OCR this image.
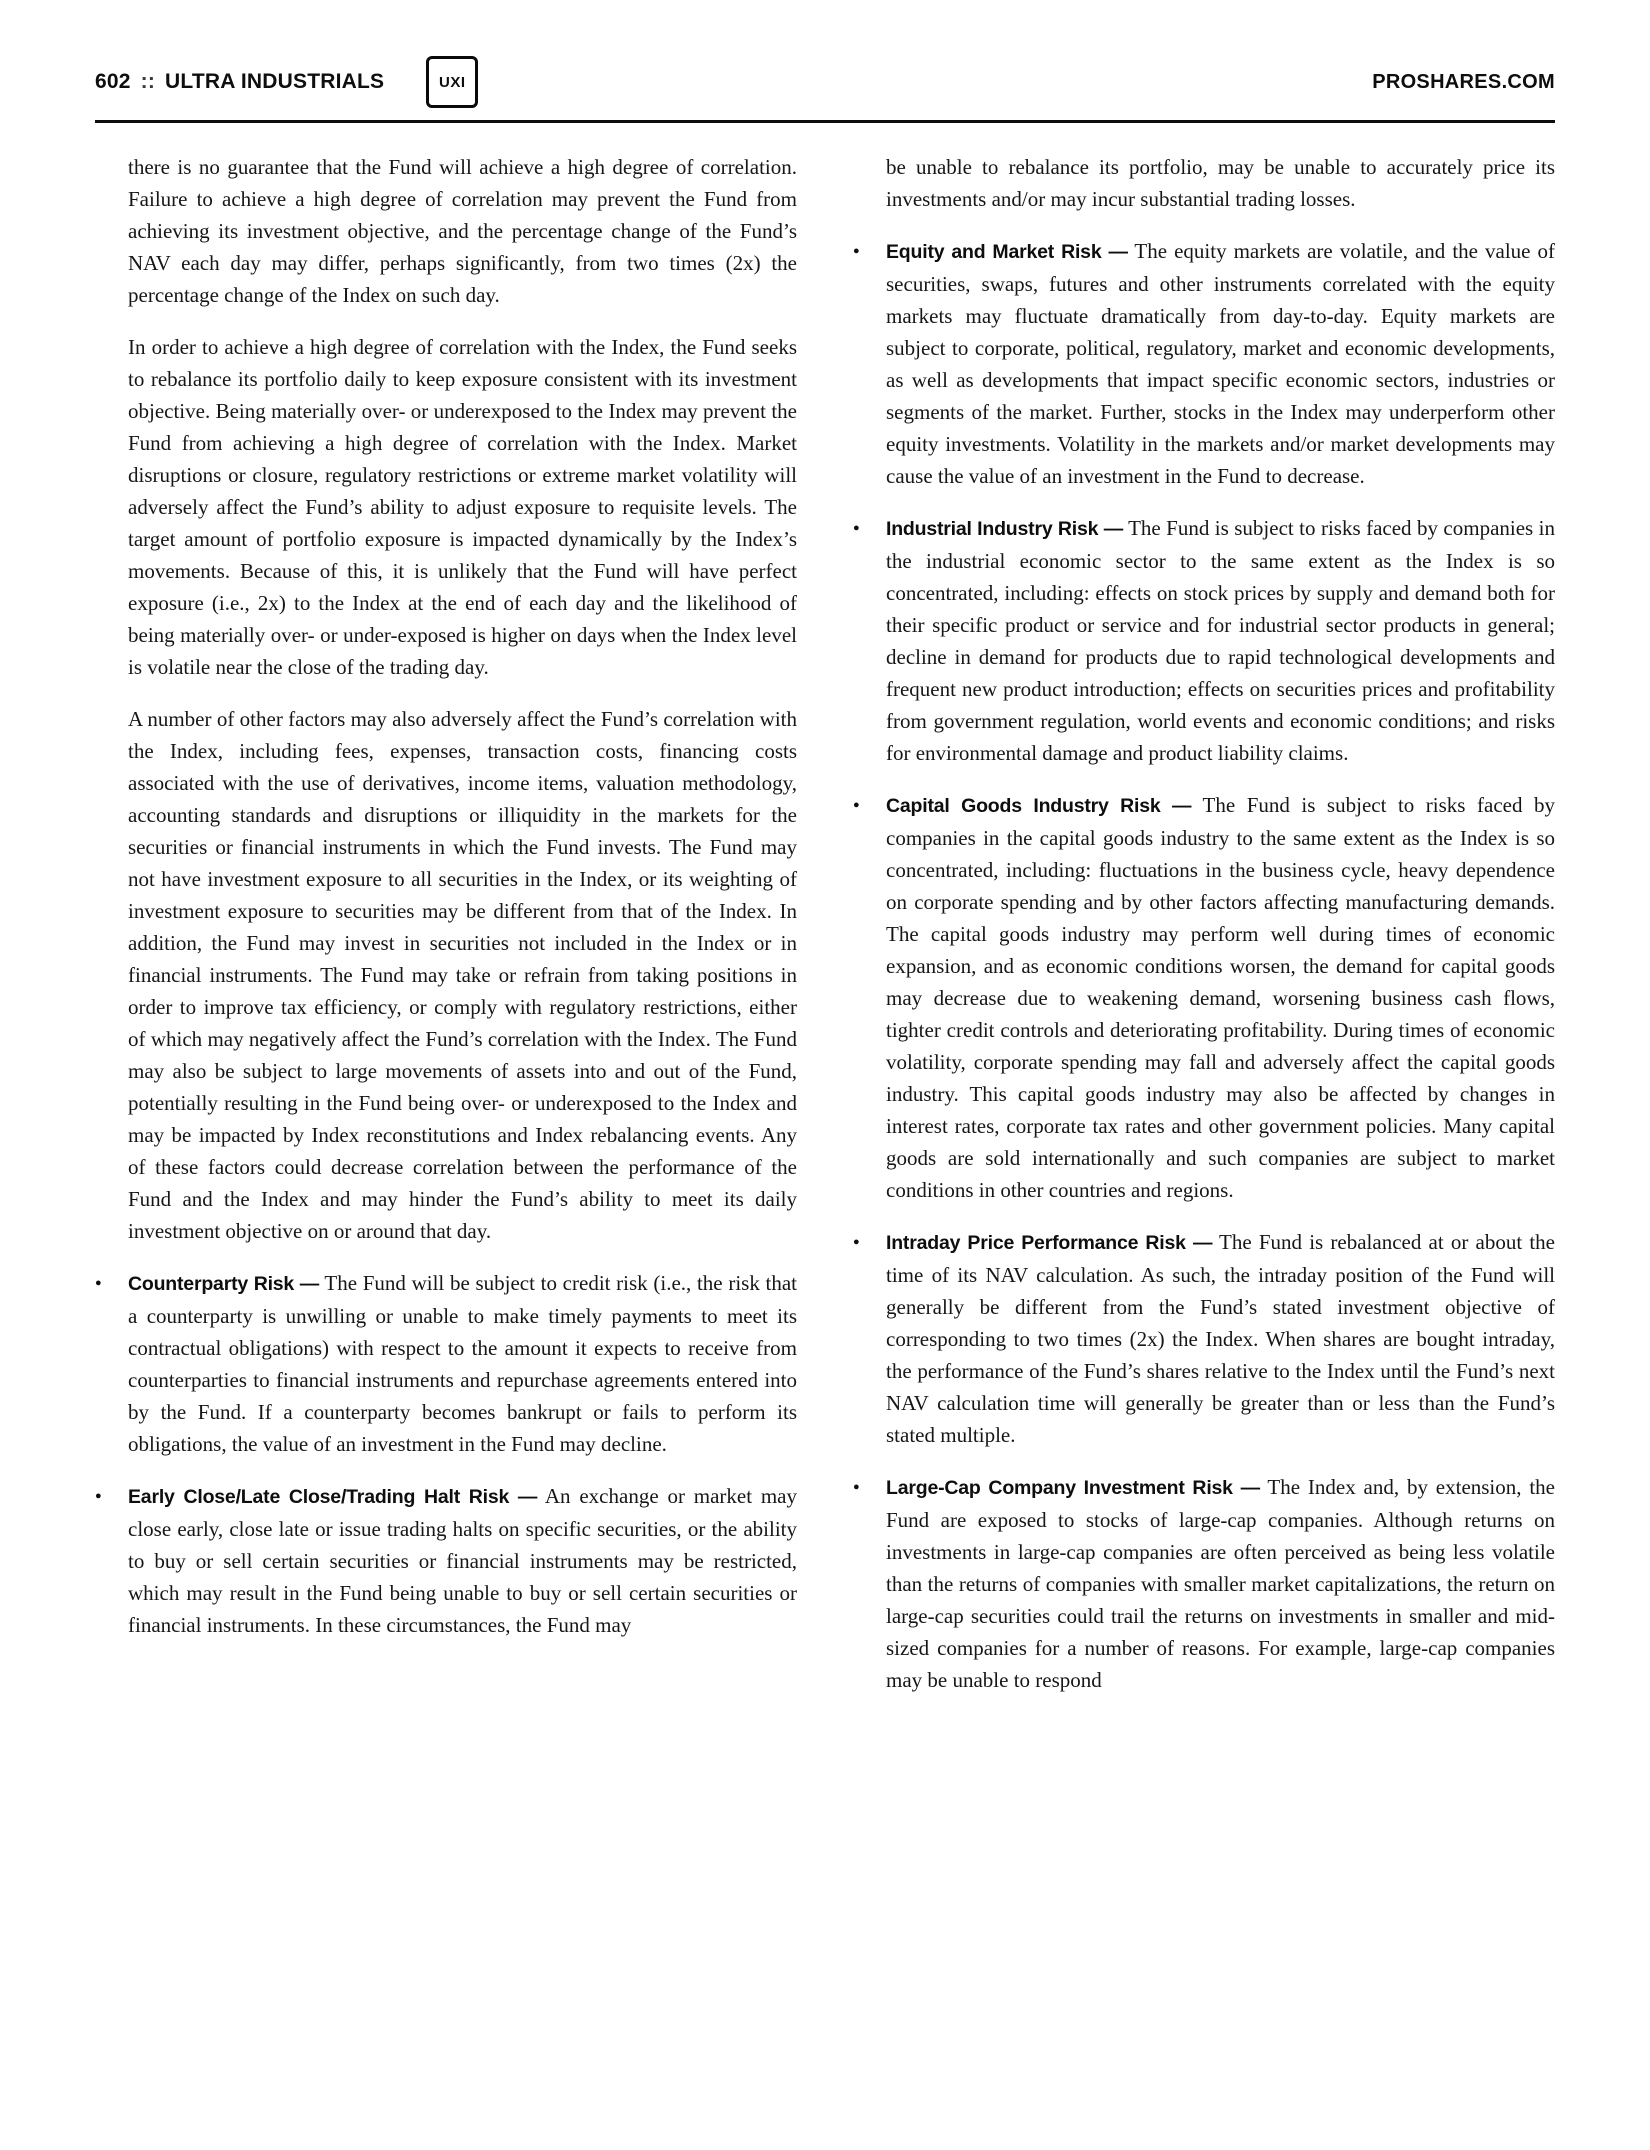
602 :: ULTRA INDUSTRIALS	UXI	PROSHARES.COM

there is no guarantee that the Fund will achieve a high degree of correlation. Failure to achieve a high degree of correlation may prevent the Fund from achieving its investment objective, and the percentage change of the Fund’s NAV each day may differ, perhaps significantly, from two times (2x) the percentage change of the Index on such day.

In order to achieve a high degree of correlation with the Index, the Fund seeks to rebalance its portfolio daily to keep exposure consistent with its investment objective. Being materially over- or underexposed to the Index may prevent the Fund from achieving a high degree of correlation with the Index. Market disruptions or closure, regulatory restrictions or extreme market volatility will adversely affect the Fund’s ability to adjust exposure to requisite levels. The target amount of portfolio exposure is impacted dynamically by the Index’s movements. Because of this, it is unlikely that the Fund will have perfect exposure (i.e., 2x) to the Index at the end of each day and the likelihood of being materially over- or under-exposed is higher on days when the Index level is volatile near the close of the trading day.

A number of other factors may also adversely affect the Fund’s correlation with the Index, including fees, expenses, transaction costs, financing costs associated with the use of derivatives, income items, valuation methodology, accounting standards and disruptions or illiquidity in the markets for the securities or financial instruments in which the Fund invests. The Fund may not have investment exposure to all securities in the Index, or its weighting of investment exposure to securities may be different from that of the Index. In addition, the Fund may invest in securities not included in the Index or in financial instruments. The Fund may take or refrain from taking positions in order to improve tax efficiency, or comply with regulatory restrictions, either of which may negatively affect the Fund’s correlation with the Index. The Fund may also be subject to large movements of assets into and out of the Fund, potentially resulting in the Fund being over- or underexposed to the Index and may be impacted by Index reconstitutions and Index rebalancing events. Any of these factors could decrease correlation between the performance of the Fund and the Index and may hinder the Fund’s ability to meet its daily investment objective on or around that day.

●	Counterparty Risk — The Fund will be subject to credit risk (i.e., the risk that a counterparty is unwilling or unable to make timely payments to meet its contractual obligations) with respect to the amount it expects to receive from counterparties to financial instruments and repurchase agreements entered into by the Fund. If a counterparty becomes bankrupt or fails to perform its obligations, the value of an investment in the Fund may decline.
●	Early Close/Late Close/Trading Halt Risk — An exchange or market may close early, close late or issue trading halts on specific securities, or the ability to buy or sell certain securities or financial instruments may be restricted, which may result in the Fund being unable to buy or sell certain securities or financial instruments. In these circumstances, the Fund may

be unable to rebalance its portfolio, may be unable to accurately price its investments and/or may incur substantial trading losses.

●	Equity and Market Risk — The equity markets are volatile, and the value of securities, swaps, futures and other instruments correlated with the equity markets may fluctuate dramatically from day-to-day. Equity markets are subject to corporate, political, regulatory, market and economic developments, as well as developments that impact specific economic sectors, industries or segments of the market. Further, stocks in the Index may underperform other equity investments. Volatility in the markets and/or market developments may cause the value of an investment in the Fund to decrease.
●	Industrial Industry Risk — The Fund is subject to risks faced by companies in the industrial economic sector to the same extent as the Index is so concentrated, including: effects on stock prices by supply and demand both for their specific product or service and for industrial sector products in general; decline in demand for products due to rapid technological developments and frequent new product introduction; effects on securities prices and profitability from government regulation, world events and economic conditions; and risks for environmental damage and product liability claims.
●	Capital Goods Industry Risk — The Fund is subject to risks faced by companies in the capital goods industry to the same extent as the Index is so concentrated, including: fluctuations in the business cycle, heavy dependence on corporate spending and by other factors affecting manufacturing demands. The capital goods industry may perform well during times of economic expansion, and as economic conditions worsen, the demand for capital goods may decrease due to weakening demand, worsening business cash flows, tighter credit controls and deteriorating profitability. During times of economic volatility, corporate spending may fall and adversely affect the capital goods industry. This capital goods industry may also be affected by changes in interest rates, corporate tax rates and other government policies. Many capital goods are sold internationally and such companies are subject to market conditions in other countries and regions.
●	Intraday Price Performance Risk — The Fund is rebalanced at or about the time of its NAV calculation. As such, the intraday position of the Fund will generally be different from the Fund’s stated investment objective of corresponding to two times (2x) the Index. When shares are bought intraday, the performance of the Fund’s shares relative to the Index until the Fund’s next NAV calculation time will generally be greater than or less than the Fund’s stated multiple.
●	Large-Cap Company Investment Risk — The Index and, by extension, the Fund are exposed to stocks of large-cap companies. Although returns on investments in large-cap companies are often perceived as being less volatile than the returns of companies with smaller market capitalizations, the return on large-cap securities could trail the returns on investments in smaller and mid-sized companies for a number of reasons. For example, large-cap companies may be unable to respond
